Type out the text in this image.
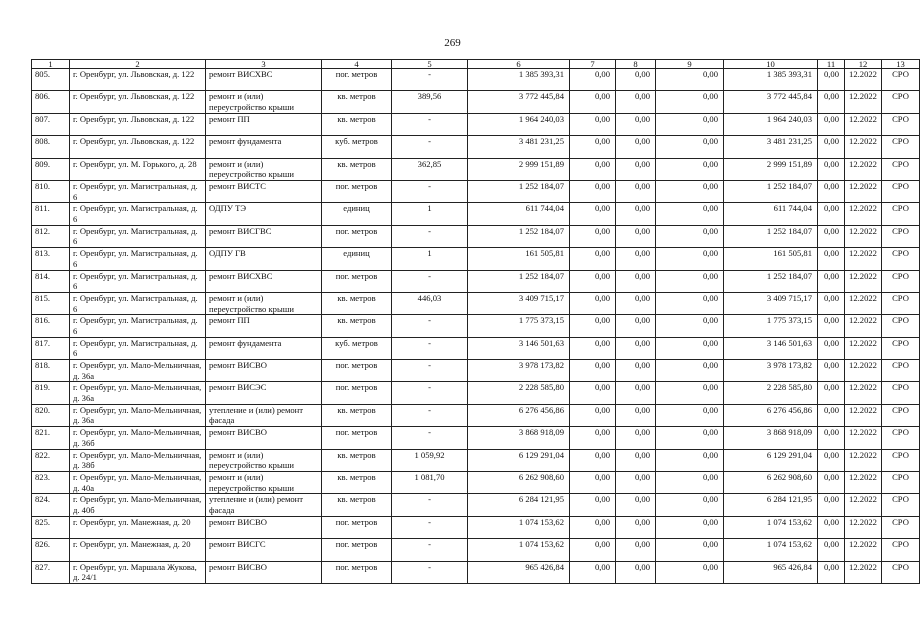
269
1	2	3	4	5	6	7	8	9	10	11	12	13
805.	г. Оренбург, ул. Львовская, д. 122	ремонт ВИСХВС	пог. метров	-	1 385 393,31	0,00	0,00	0,00	1 385 393,31	0,00	12.2022	СРО
806.	г. Оренбург, ул. Львовская, д. 122	ремонт и (или) переустройство крыши	кв. метров	389,56	3 772 445,84	0,00	0,00	0,00	3 772 445,84	0,00	12.2022	СРО
807.	г. Оренбург, ул. Львовская, д. 122	ремонт ПП	кв. метров	-	1 964 240,03	0,00	0,00	0,00	1 964 240,03	0,00	12.2022	СРО
808.	г. Оренбург, ул. Львовская, д. 122	ремонт фундамента	куб. метров	-	3 481 231,25	0,00	0,00	0,00	3 481 231,25	0,00	12.2022	СРО
809.	г. Оренбург, ул. М. Горького, д. 28	ремонт и (или) переустройство крыши	кв. метров	362,85	2 999 151,89	0,00	0,00	0,00	2 999 151,89	0,00	12.2022	СРО
810.	г. Оренбург, ул. Магистральная, д. 6	ремонт ВИСТС	пог. метров	-	1 252 184,07	0,00	0,00	0,00	1 252 184,07	0,00	12.2022	СРО
811.	г. Оренбург, ул. Магистральная, д. 6	ОДПУ ТЭ	единиц	1	611 744,04	0,00	0,00	0,00	611 744,04	0,00	12.2022	СРО
812.	г. Оренбург, ул. Магистральная, д. 6	ремонт ВИСГВС	пог. метров	-	1 252 184,07	0,00	0,00	0,00	1 252 184,07	0,00	12.2022	СРО
813.	г. Оренбург, ул. Магистральная, д. 6	ОДПУ ГВ	единиц	1	161 505,81	0,00	0,00	0,00	161 505,81	0,00	12.2022	СРО
814.	г. Оренбург, ул. Магистральная, д. 6	ремонт ВИСХВС	пог. метров	-	1 252 184,07	0,00	0,00	0,00	1 252 184,07	0,00	12.2022	СРО
815.	г. Оренбург, ул. Магистральная, д. 6	ремонт и (или) переустройство крыши	кв. метров	446,03	3 409 715,17	0,00	0,00	0,00	3 409 715,17	0,00	12.2022	СРО
816.	г. Оренбург, ул. Магистральная, д. 6	ремонт ПП	кв. метров	-	1 775 373,15	0,00	0,00	0,00	1 775 373,15	0,00	12.2022	СРО
817.	г. Оренбург, ул. Магистральная, д. 6	ремонт фундамента	куб. метров	-	3 146 501,63	0,00	0,00	0,00	3 146 501,63	0,00	12.2022	СРО
818.	г. Оренбург, ул. Мало-Мельничная, д. 36а	ремонт ВИСВО	пог. метров	-	3 978 173,82	0,00	0,00	0,00	3 978 173,82	0,00	12.2022	СРО
819.	г. Оренбург, ул. Мало-Мельничная, д. 36а	ремонт ВИСЭС	пог. метров	-	2 228 585,80	0,00	0,00	0,00	2 228 585,80	0,00	12.2022	СРО
820.	г. Оренбург, ул. Мало-Мельничная, д. 36а	утепление и (или) ремонт фасада	кв. метров	-	6 276 456,86	0,00	0,00	0,00	6 276 456,86	0,00	12.2022	СРО
821.	г. Оренбург, ул. Мало-Мельничная, д. 36б	ремонт ВИСВО	пог. метров	-	3 868 918,09	0,00	0,00	0,00	3 868 918,09	0,00	12.2022	СРО
822.	г. Оренбург, ул. Мало-Мельничная, д. 38б	ремонт и (или) переустройство крыши	кв. метров	1 059,92	6 129 291,04	0,00	0,00	0,00	6 129 291,04	0,00	12.2022	СРО
823.	г. Оренбург, ул. Мало-Мельничная, д. 40а	ремонт и (или) переустройство крыши	кв. метров	1 081,70	6 262 908,60	0,00	0,00	0,00	6 262 908,60	0,00	12.2022	СРО
824.	г. Оренбург, ул. Мало-Мельничная, д. 40б	утепление и (или) ремонт фасада	кв. метров	-	6 284 121,95	0,00	0,00	0,00	6 284 121,95	0,00	12.2022	СРО
825.	г. Оренбург, ул. Манежная, д. 20	ремонт ВИСВО	пог. метров	-	1 074 153,62	0,00	0,00	0,00	1 074 153,62	0,00	12.2022	СРО
826.	г. Оренбург, ул. Манежная, д. 20	ремонт ВИСГС	пог. метров	-	1 074 153,62	0,00	0,00	0,00	1 074 153,62	0,00	12.2022	СРО
827.	г. Оренбург, ул. Маршала Жукова, д. 24/1	ремонт ВИСВО	пог. метров	-	965 426,84	0,00	0,00	0,00	965 426,84	0,00	12.2022	СРО
